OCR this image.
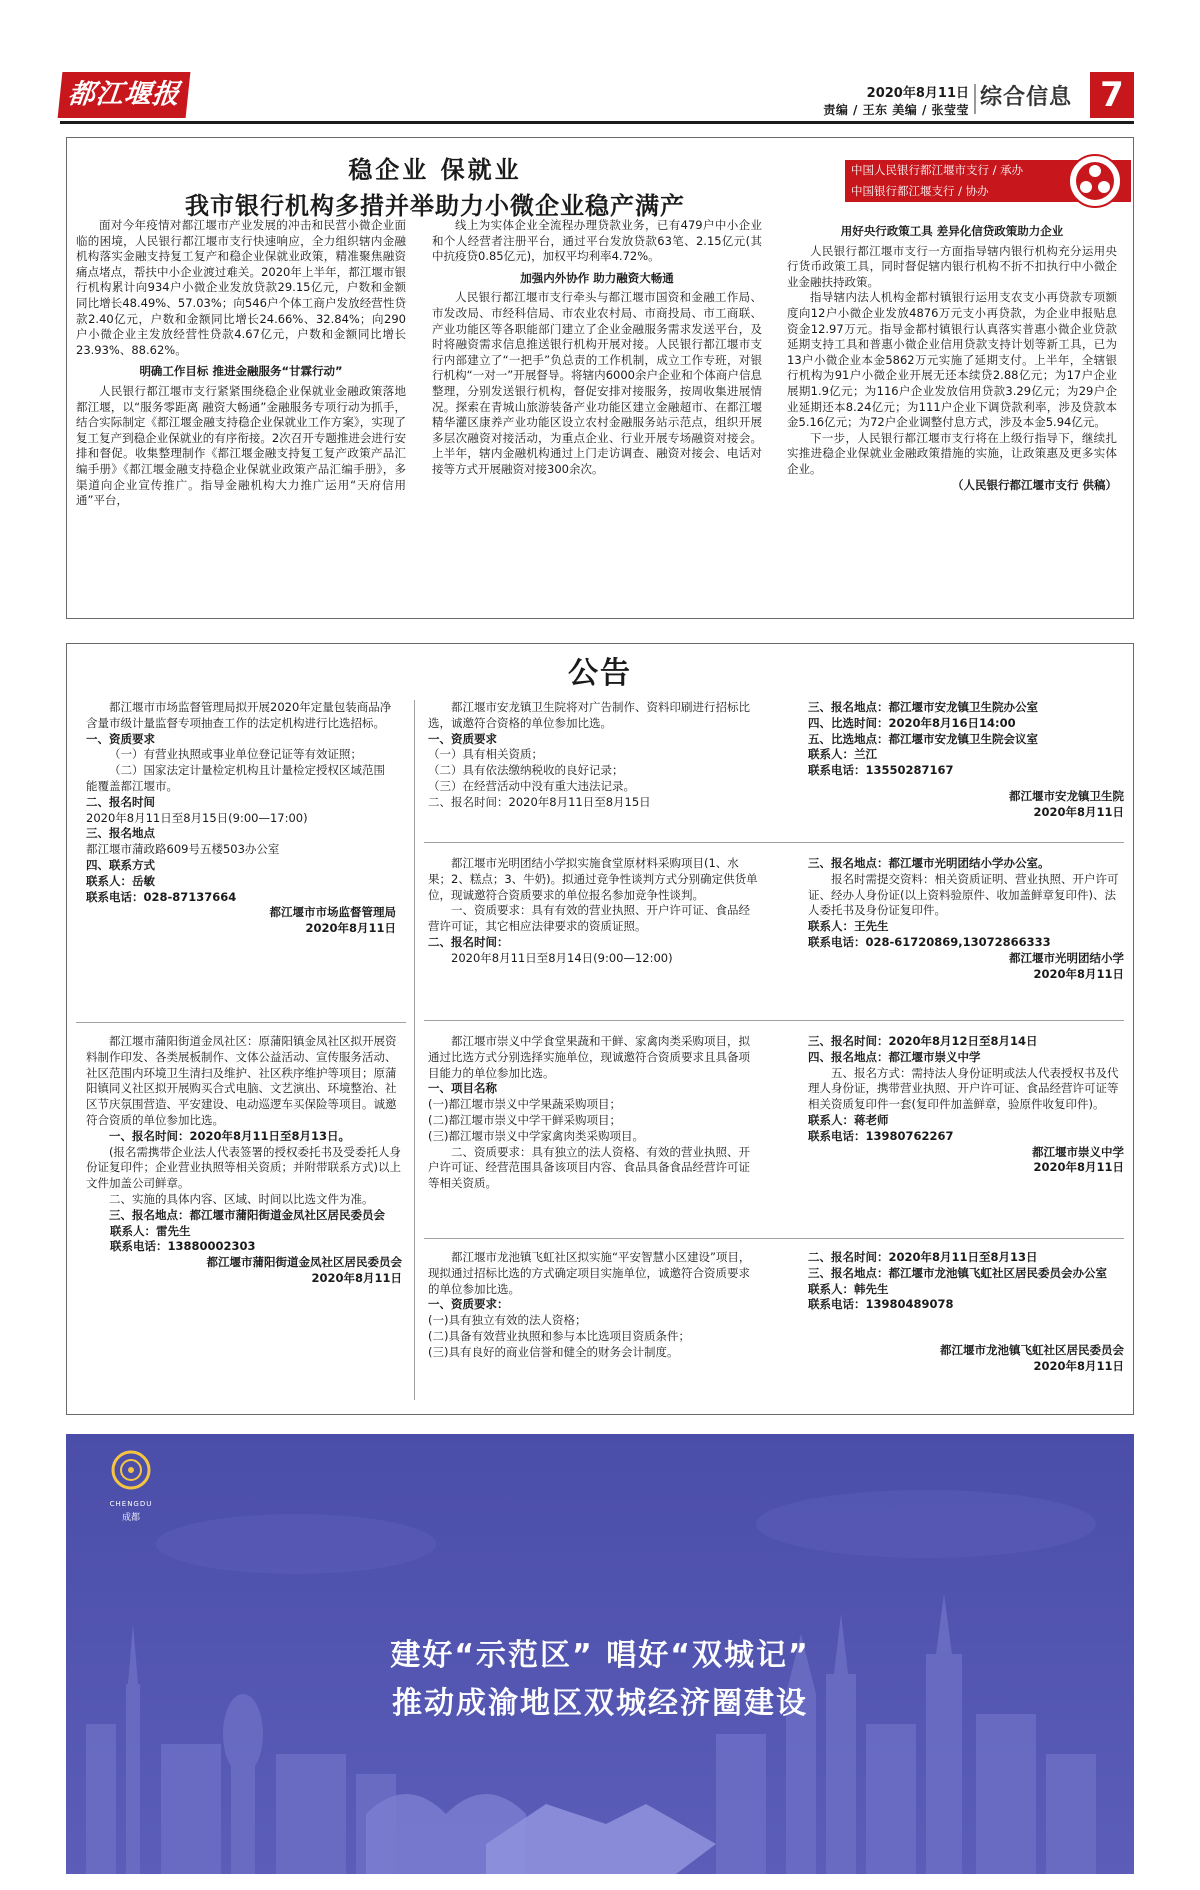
都江堰报	2020年8月11日
责编 / 王东 美编 / 张莹莹 综合信息 7
稳企业 保就业
我市银行机构多措并举助力小微企业稳产满产
中国人民银行都江堰市支行 / 承办
中国银行都江堰支行 / 协办

面对今年疫情对都江堰市产业发展的冲击和民营小微企业面临的困境，人民银行都江堰市支行快速响应，全力组织辖内金融机构落实金融支持复工复产和稳企业保就业政策，精准聚焦融资痛点堵点，帮扶中小企业渡过难关。2020年上半年，都江堰市银行机构累计向934户小微企业发放贷款29.15亿元，户数和金额同比增长48.49%、57.03%；向546户个体工商户发放经营性贷款2.40亿元，户数和金额同比增长24.66%、32.84%；向290户小微企业主发放经营性贷款4.67亿元，户数和金额同比增长23.93%、88.62%。

明确工作目标 推进金融服务“甘霖行动”

人民银行都江堰市支行紧紧围绕稳企业保就业金融政策落地都江堰，以“服务零距离 融资大畅通”金融服务专项行动为抓手，结合实际制定《都江堰金融支持稳企业保就业工作方案》，实现了复工复产到稳企业保就业的有序衔接。2次召开专题推进会进行安排和督促。收集整理制作《都江堰金融支持复工复产政策产品汇编手册》《都江堰金融支持稳企业保就业政策产品汇编手册》，多渠道向企业宣传推广。指导金融机构大力推广运用“天府信用通”平台，

线上为实体企业全流程办理贷款业务，已有479户中小企业和个人经营者注册平台，通过平台发放贷款63笔、2.15亿元(其中抗疫贷0.85亿元)，加权平均利率4.72%。

加强内外协作 助力融资大畅通

人民银行都江堰市支行牵头与都江堰市国资和金融工作局、市发改局、市经科信局、市农业农村局、市商投局、市工商联、产业功能区等各职能部门建立了企业金融服务需求发送平台，及时将融资需求信息推送银行机构开展对接。人民银行都江堰市支行内部建立了“一把手”负总责的工作机制，成立工作专班，对银行机构“一对一”开展督导。将辖内6000余户企业和个体商户信息整理，分别发送银行机构，督促安排对接服务，按周收集进展情况。探索在青城山旅游装备产业功能区建立金融超市、在都江堰精华灌区康养产业功能区设立农村金融服务站示范点，组织开展多层次融资对接活动，为重点企业、行业开展专场融资对接会。上半年，辖内金融机构通过上门走访调查、融资对接会、电话对接等方式开展融资对接300余次。

用好央行政策工具 差异化信贷政策助力企业

人民银行都江堰市支行一方面指导辖内银行机构充分运用央行货币政策工具，同时督促辖内银行机构不折不扣执行中小微企业金融扶持政策。

指导辖内法人机构金都村镇银行运用支农支小再贷款专项额度向12户小微企业发放4876万元支小再贷款，为企业申报贴息资金12.97万元。指导金都村镇银行认真落实普惠小微企业贷款延期支持工具和普惠小微企业信用贷款支持计划等新工具，已为13户小微企业本金5862万元实施了延期支付。上半年，全辖银行机构为91户小微企业开展无还本续贷2.88亿元；为17户企业展期1.9亿元；为116户企业发放信用贷款3.29亿元；为29户企业延期还本8.24亿元；为111户企业下调贷款利率，涉及贷款本金5.16亿元；为72户企业调整付息方式，涉及本金5.94亿元。

下一步，人民银行都江堰市支行将在上级行指导下，继续扎实推进稳企业保就业金融政策措施的实施，让政策惠及更多实体企业。

（人民银行都江堰市支行 供稿）

公告

都江堰市市场监督管理局拟开展2020年定量包装商品净含量市级计量监督专项抽查工作的法定机构进行比选招标。

一、资质要求

（一）有营业执照或事业单位登记证等有效证照；

（二）国家法定计量检定机构且计量检定授权区域范围能覆盖都江堰市。

二、报名时间

2020年8月11日至8月15日(9:00—17:00)

三、报名地点

都江堰市蒲政路609号五楼503办公室

四、联系方式

联系人：岳敏

联系电话：028-87137664

都江堰市市场监督管理局

2020年8月11日

都江堰市安龙镇卫生院将对广告制作、资料印刷进行招标比选，诚邀符合资格的单位参加比选。

一、资质要求

（一）具有相关资质；

（二）具有依法缴纳税收的良好记录；

（三）在经营活动中没有重大违法记录。

二、报名时间：2020年8月11日至8月15日

三、报名地点：都江堰市安龙镇卫生院办公室

四、比选时间：2020年8月16日14:00

五、比选地点：都江堰市安龙镇卫生院会议室

联系人：兰江

联系电话：13550287167

都江堰市安龙镇卫生院

2020年8月11日

都江堰市光明团结小学拟实施食堂原材料采购项目(1、水果；2、糕点；3、牛奶)。拟通过竞争性谈判方式分别确定供货单位，现诚邀符合资质要求的单位报名参加竞争性谈判。

一、资质要求：具有有效的营业执照、开户许可证、食品经营许可证，其它相应法律要求的资质证照。

二、报名时间：

2020年8月11日至8月14日(9:00—12:00)

三、报名地点：都江堰市光明团结小学办公室。

报名时需提交资料：相关资质证明、营业执照、开户许可证、经办人身份证(以上资料验原件、收加盖鲜章复印件)、法人委托书及身份证复印件。

联系人：王先生

联系电话：028-61720869,13072866333

都江堰市光明团结小学

2020年8月11日

都江堰市蒲阳街道金凤社区：原蒲阳镇金凤社区拟开展资料制作印发、各类展板制作、文体公益活动、宣传服务活动、社区范围内环境卫生清扫及维护、社区秩序维护等项目；原蒲阳镇同义社区拟开展购买合式电脑、文艺演出、环境整治、社区节庆氛围营造、平安建设、电动巡逻车买保险等项目。诚邀符合资质的单位参加比选。

一、报名时间：2020年8月11日至8月13日。

(报名需携带企业法人代表签署的授权委托书及受委托人身份证复印件；企业营业执照等相关资质；并附带联系方式)以上文件加盖公司鲜章。

二、实施的具体内容、区域、时间以比选文件为准。

三、报名地点：都江堰市蒲阳街道金凤社区居民委员会

联系人：雷先生

联系电话：13880002303

都江堰市蒲阳街道金凤社区居民委员会

2020年8月11日

都江堰市崇义中学食堂果蔬和干鲜、家禽肉类采购项目，拟通过比选方式分别选择实施单位，现诚邀符合资质要求且具备项目能力的单位参加比选。

一、项目名称

(一)都江堰市崇义中学果蔬采购项目；

(二)都江堰市崇义中学干鲜采购项目；

(三)都江堰市崇义中学家禽肉类采购项目。

二、资质要求：具有独立的法人资格、有效的营业执照、开户许可证、经营范围具备该项目内容、食品具备食品经营许可证等相关资质。

三、报名时间：2020年8月12日至8月14日

四、报名地点：都江堰市崇义中学

五、报名方式：需持法人身份证明或法人代表授权书及代理人身份证，携带营业执照、开户许可证、食品经营许可证等相关资质复印件一套(复印件加盖鲜章，验原件收复印件)。

联系人：蒋老师

联系电话：13980762267

都江堰市崇义中学

2020年8月11日

都江堰市龙池镇飞虹社区拟实施“平安智慧小区建设”项目，现拟通过招标比选的方式确定项目实施单位，诚邀符合资质要求的单位参加比选。

一、资质要求：

(一)具有独立有效的法人资格；

(二)具备有效营业执照和参与本比选项目资质条件；

(三)具有良好的商业信誉和健全的财务会计制度。

二、报名时间：2020年8月11日至8月13日

三、报名地点：都江堰市龙池镇飞虹社区居民委员会办公室

联系人：韩先生

联系电话：13980489078

都江堰市龙池镇飞虹社区居民委员会

2020年8月11日

CHENGDU
成都
建好“示范区” 唱好“双城记”
推动成渝地区双城经济圈建设
